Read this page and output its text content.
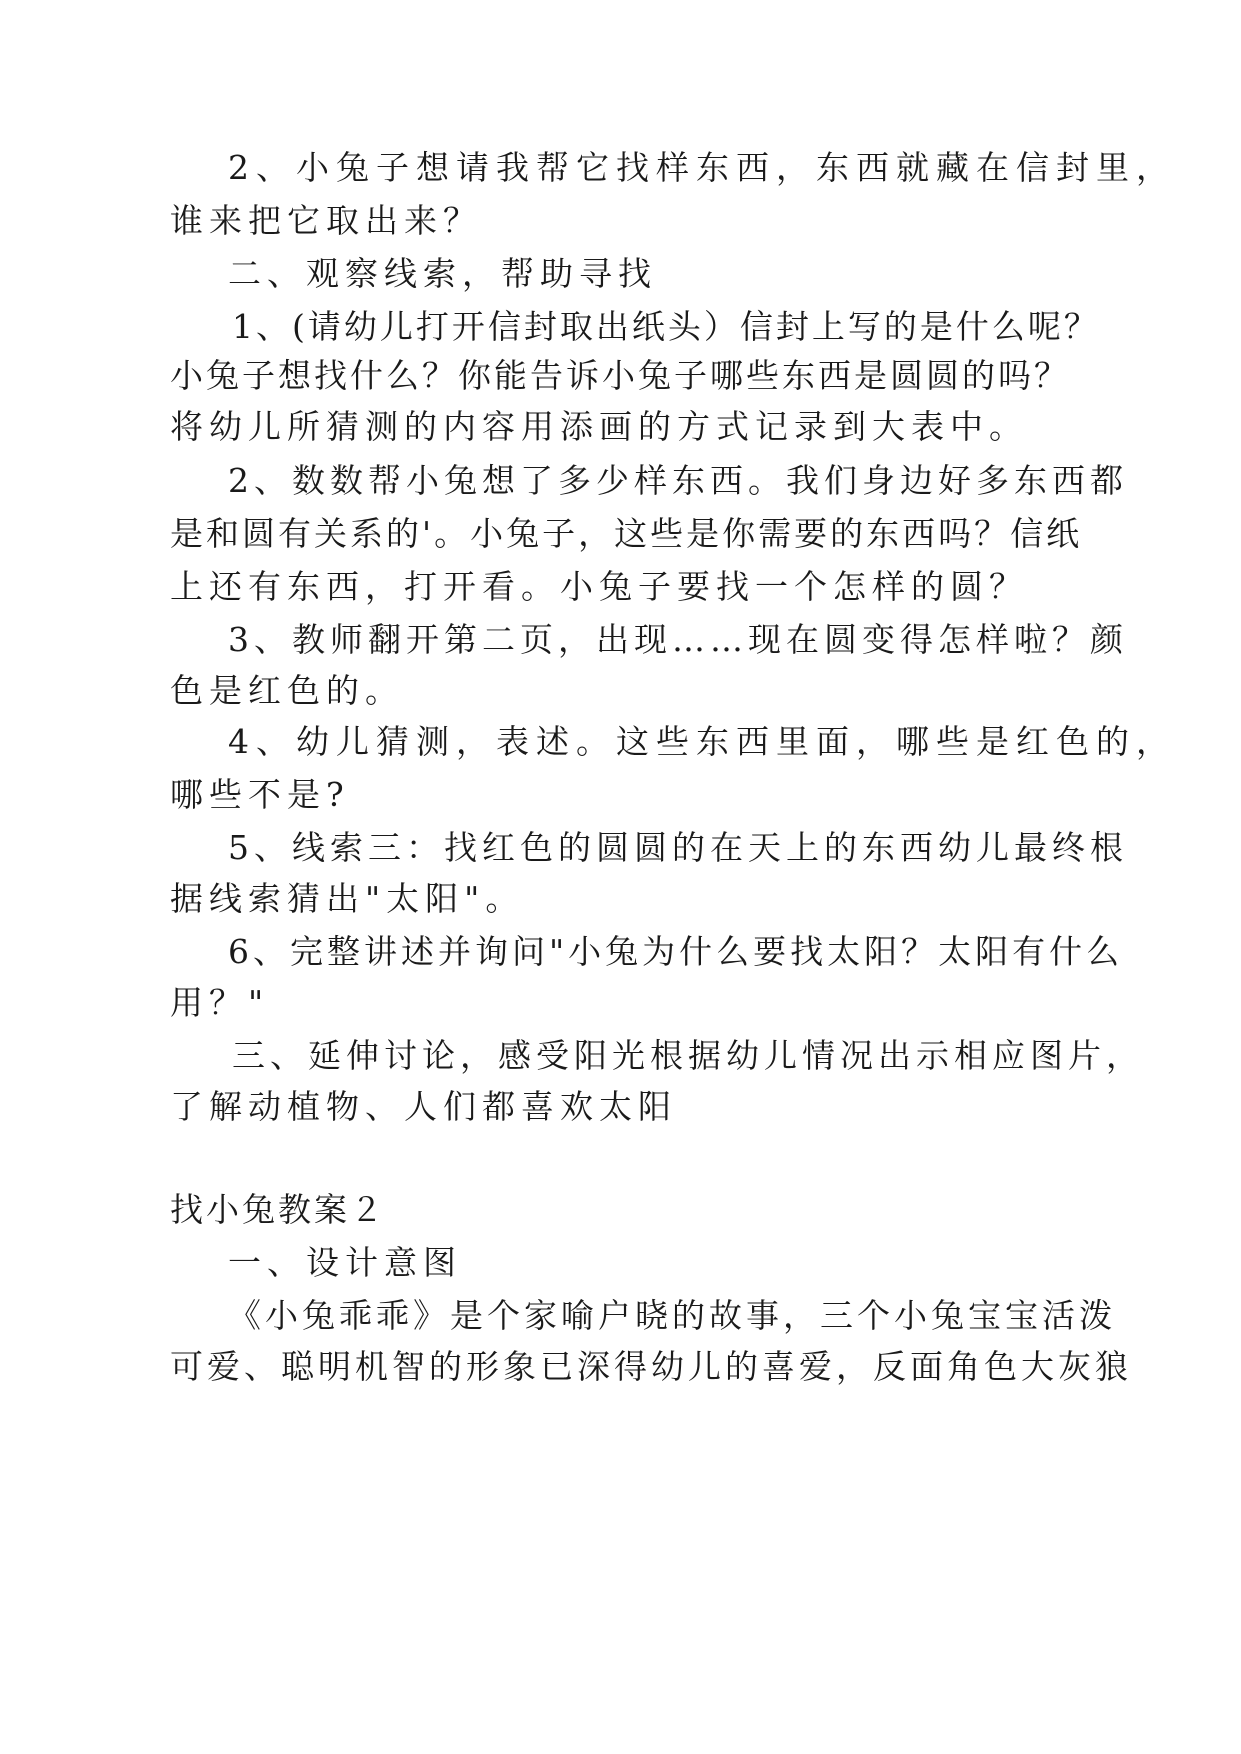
2、小兔子想请我帮它找样东西，东西就藏在信封里，
谁来把它取出来？
二、观察线索，帮助寻找
1、(请幼儿打开信封取出纸头）信封上写的是什么呢？
小兔子想找什么？你能告诉小兔子哪些东西是圆圆的吗？
将幼儿所猜测的内容用添画的方式记录到大表中。
2、数数帮小兔想了多少样东西。我们身边好多东西都
是和圆有关系的'。小兔子，这些是你需要的东西吗？信纸
上还有东西，打开看。小兔子要找一个怎样的圆？
3、教师翻开第二页，出现……现在圆变得怎样啦？颜
色是红色的。
4、幼儿猜测，表述。这些东西里面，哪些是红色的，
哪些不是?
5、线索三：找红色的圆圆的在天上的东西幼儿最终根
据线索猜出"太阳"。
6、完整讲述并询问"小兔为什么要找太阳？太阳有什么
用？"
三、延伸讨论，感受阳光根据幼儿情况出示相应图片，
了解动植物、人们都喜欢太阳
找小兔教案２
一、设计意图
《小兔乖乖》是个家喻户晓的故事，三个小兔宝宝活泼
可爱、聪明机智的形象已深得幼儿的喜爱，反面角色大灰狼
